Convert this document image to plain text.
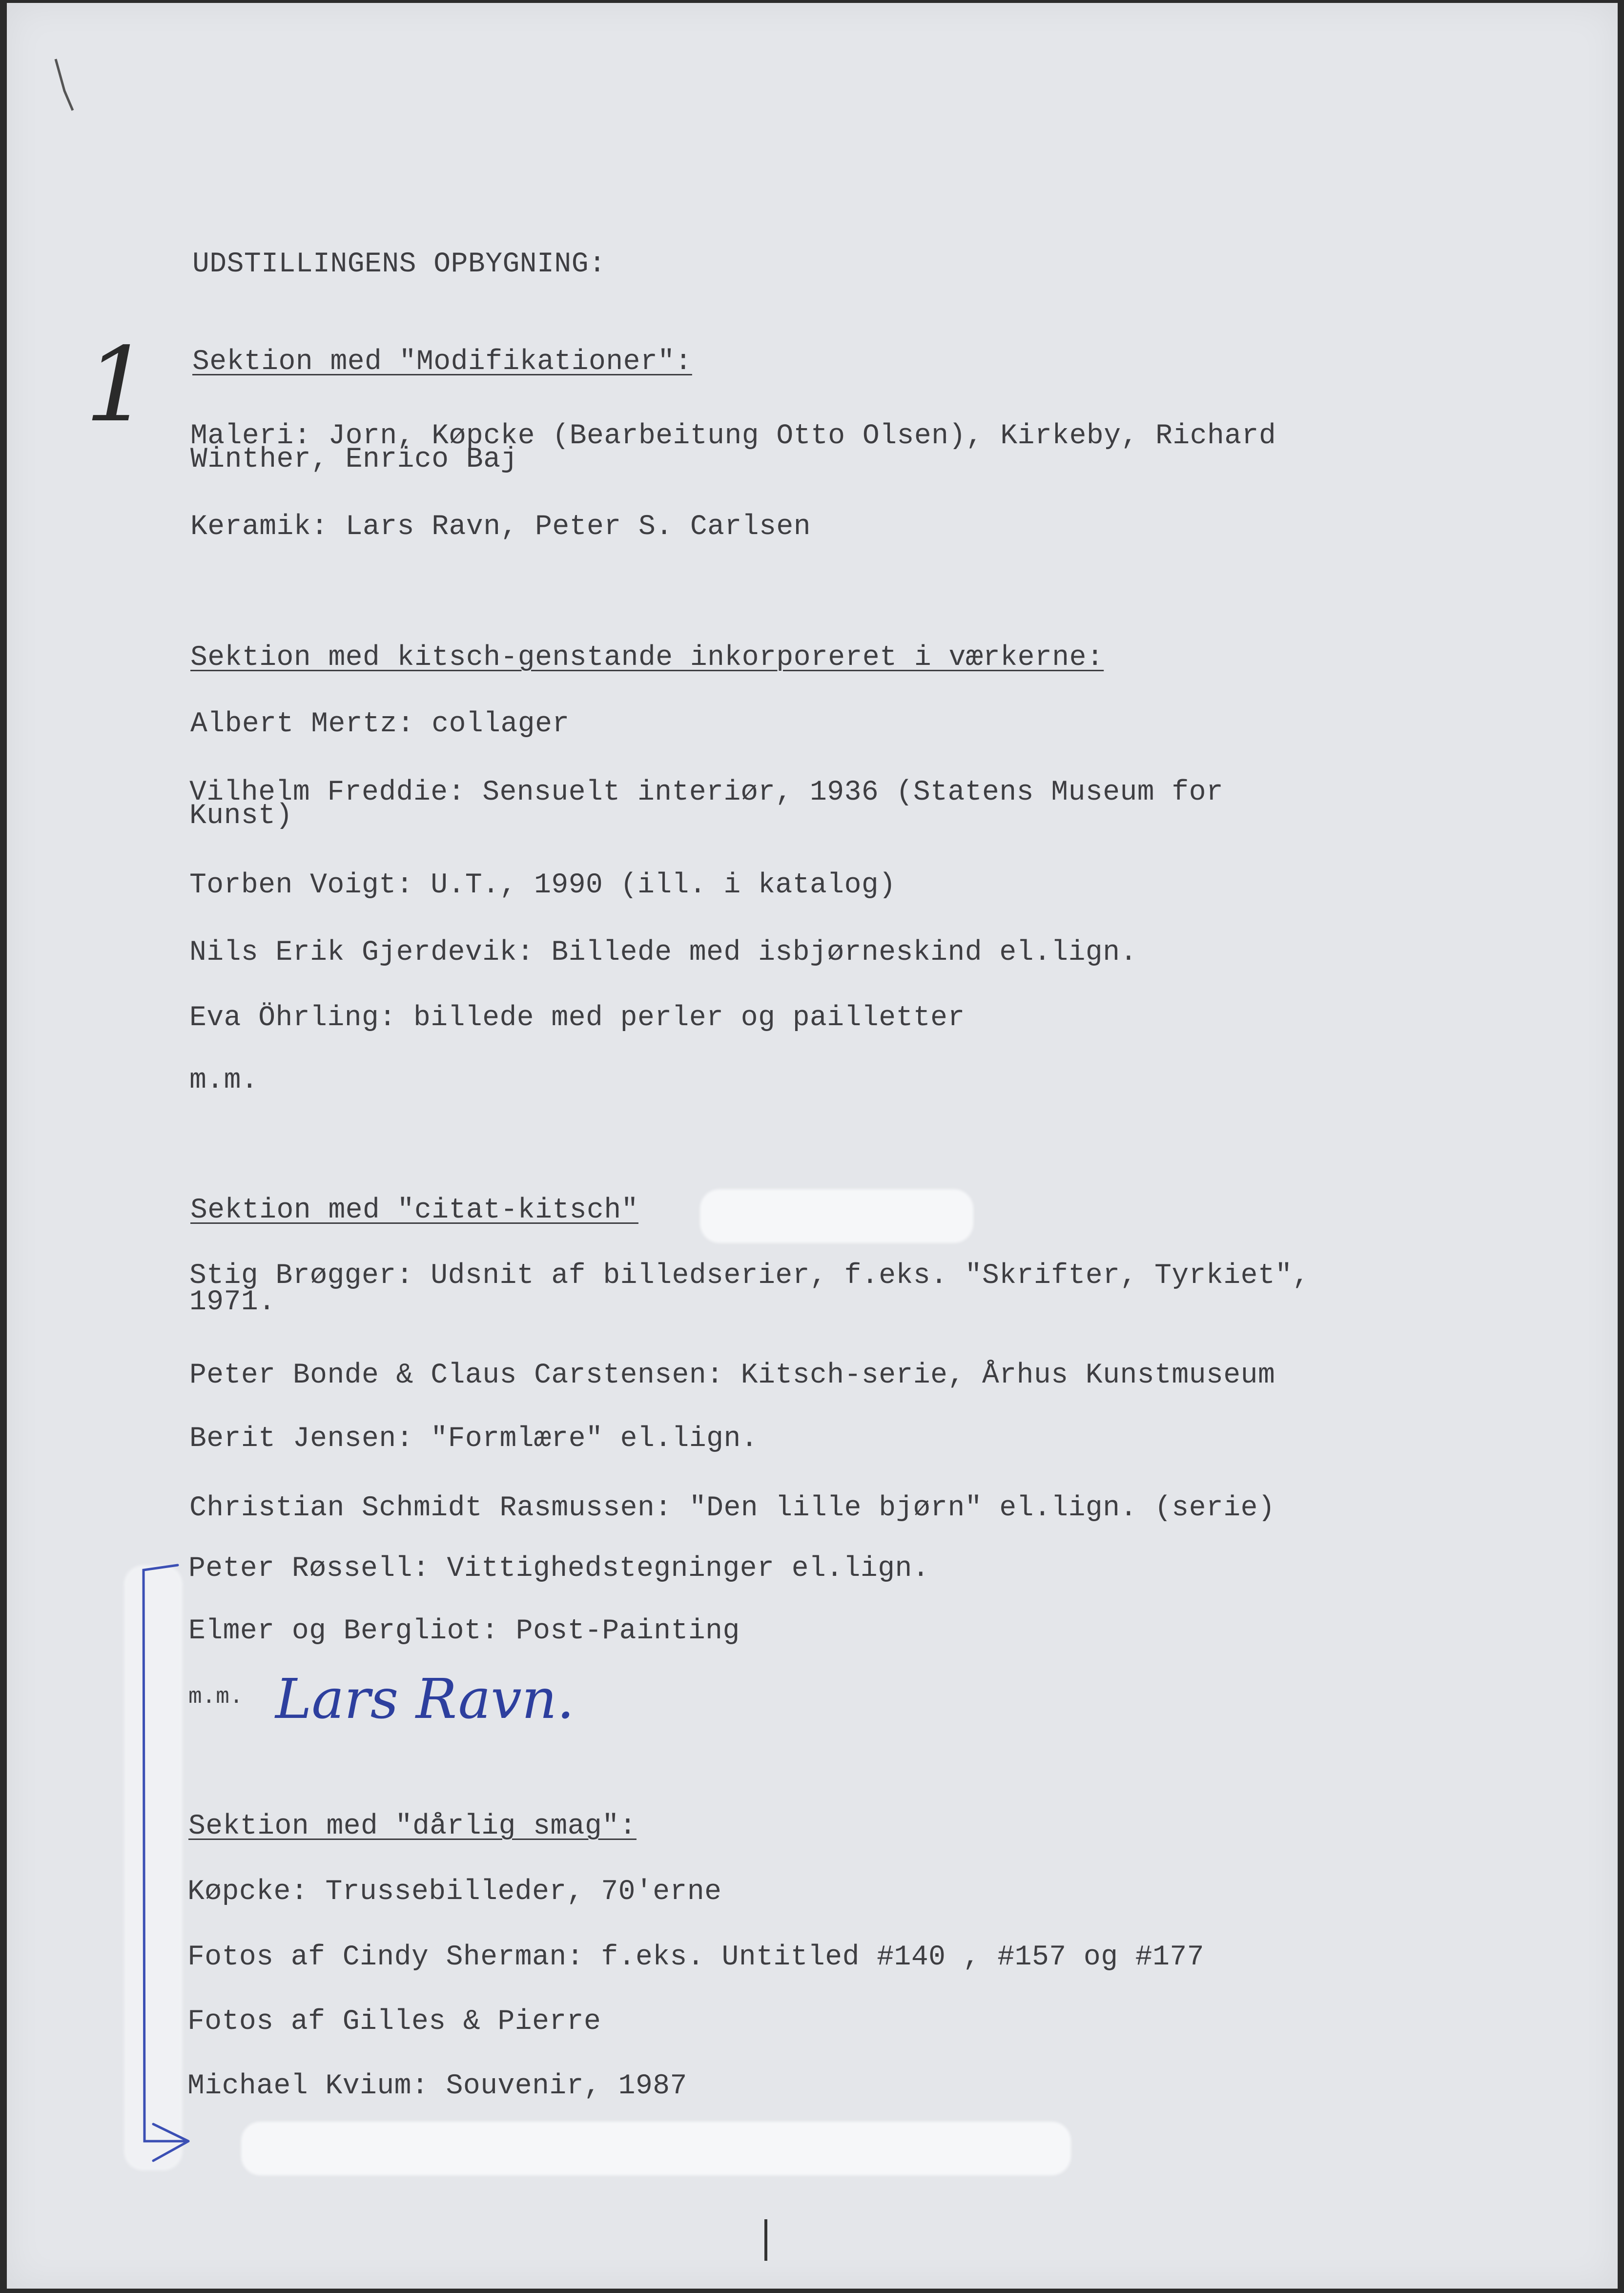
UDSTILLINGENS OPBYGNING:
1 Sektion med "Modifikationer":
Maleri: Jorn, Køpcke (Bearbeitung Otto Olsen), Kirkeby, Richard
Winther, Enrico Baj
Keramik: Lars Ravn, Peter S. Carlsen
Sektion med kitsch-genstande inkorporeret i værkerne:
Albert Mertz: collager
Vilhelm Freddie: Sensuelt interiør, 1936 (Statens Museum for
Kunst)
Torben Voigt: U.T., 1990 (ill. i katalog)
Nils Erik Gjerdevik: Billede med isbjørneskind el.lign.
Eva Öhrling: billede med perler og pailletter
m.m.
Sektion med "citat-kitsch"
Stig Brøgger: Udsnit af billedserier, f.eks. "Skrifter, Tyrkiet",
1971.
Peter Bonde & Claus Carstensen: Kitsch-serie, Århus Kunstmuseum
Berit Jensen: "Formlære" el.lign.
Christian Schmidt Rasmussen: "Den lille bjørn" el.lign. (serie)
Peter Røssell: Vittighedstegninger el.lign.
Elmer og Bergliot: Post-Painting
m.m. Lars Ravn.
Sektion med "dårlig smag":
Køpcke: Trussebilleder, 70'erne
Fotos af Cindy Sherman: f.eks. Untitled #140 , #157 og #177
Fotos af Gilles & Pierre
Michael Kvium: Souvenir, 1987
